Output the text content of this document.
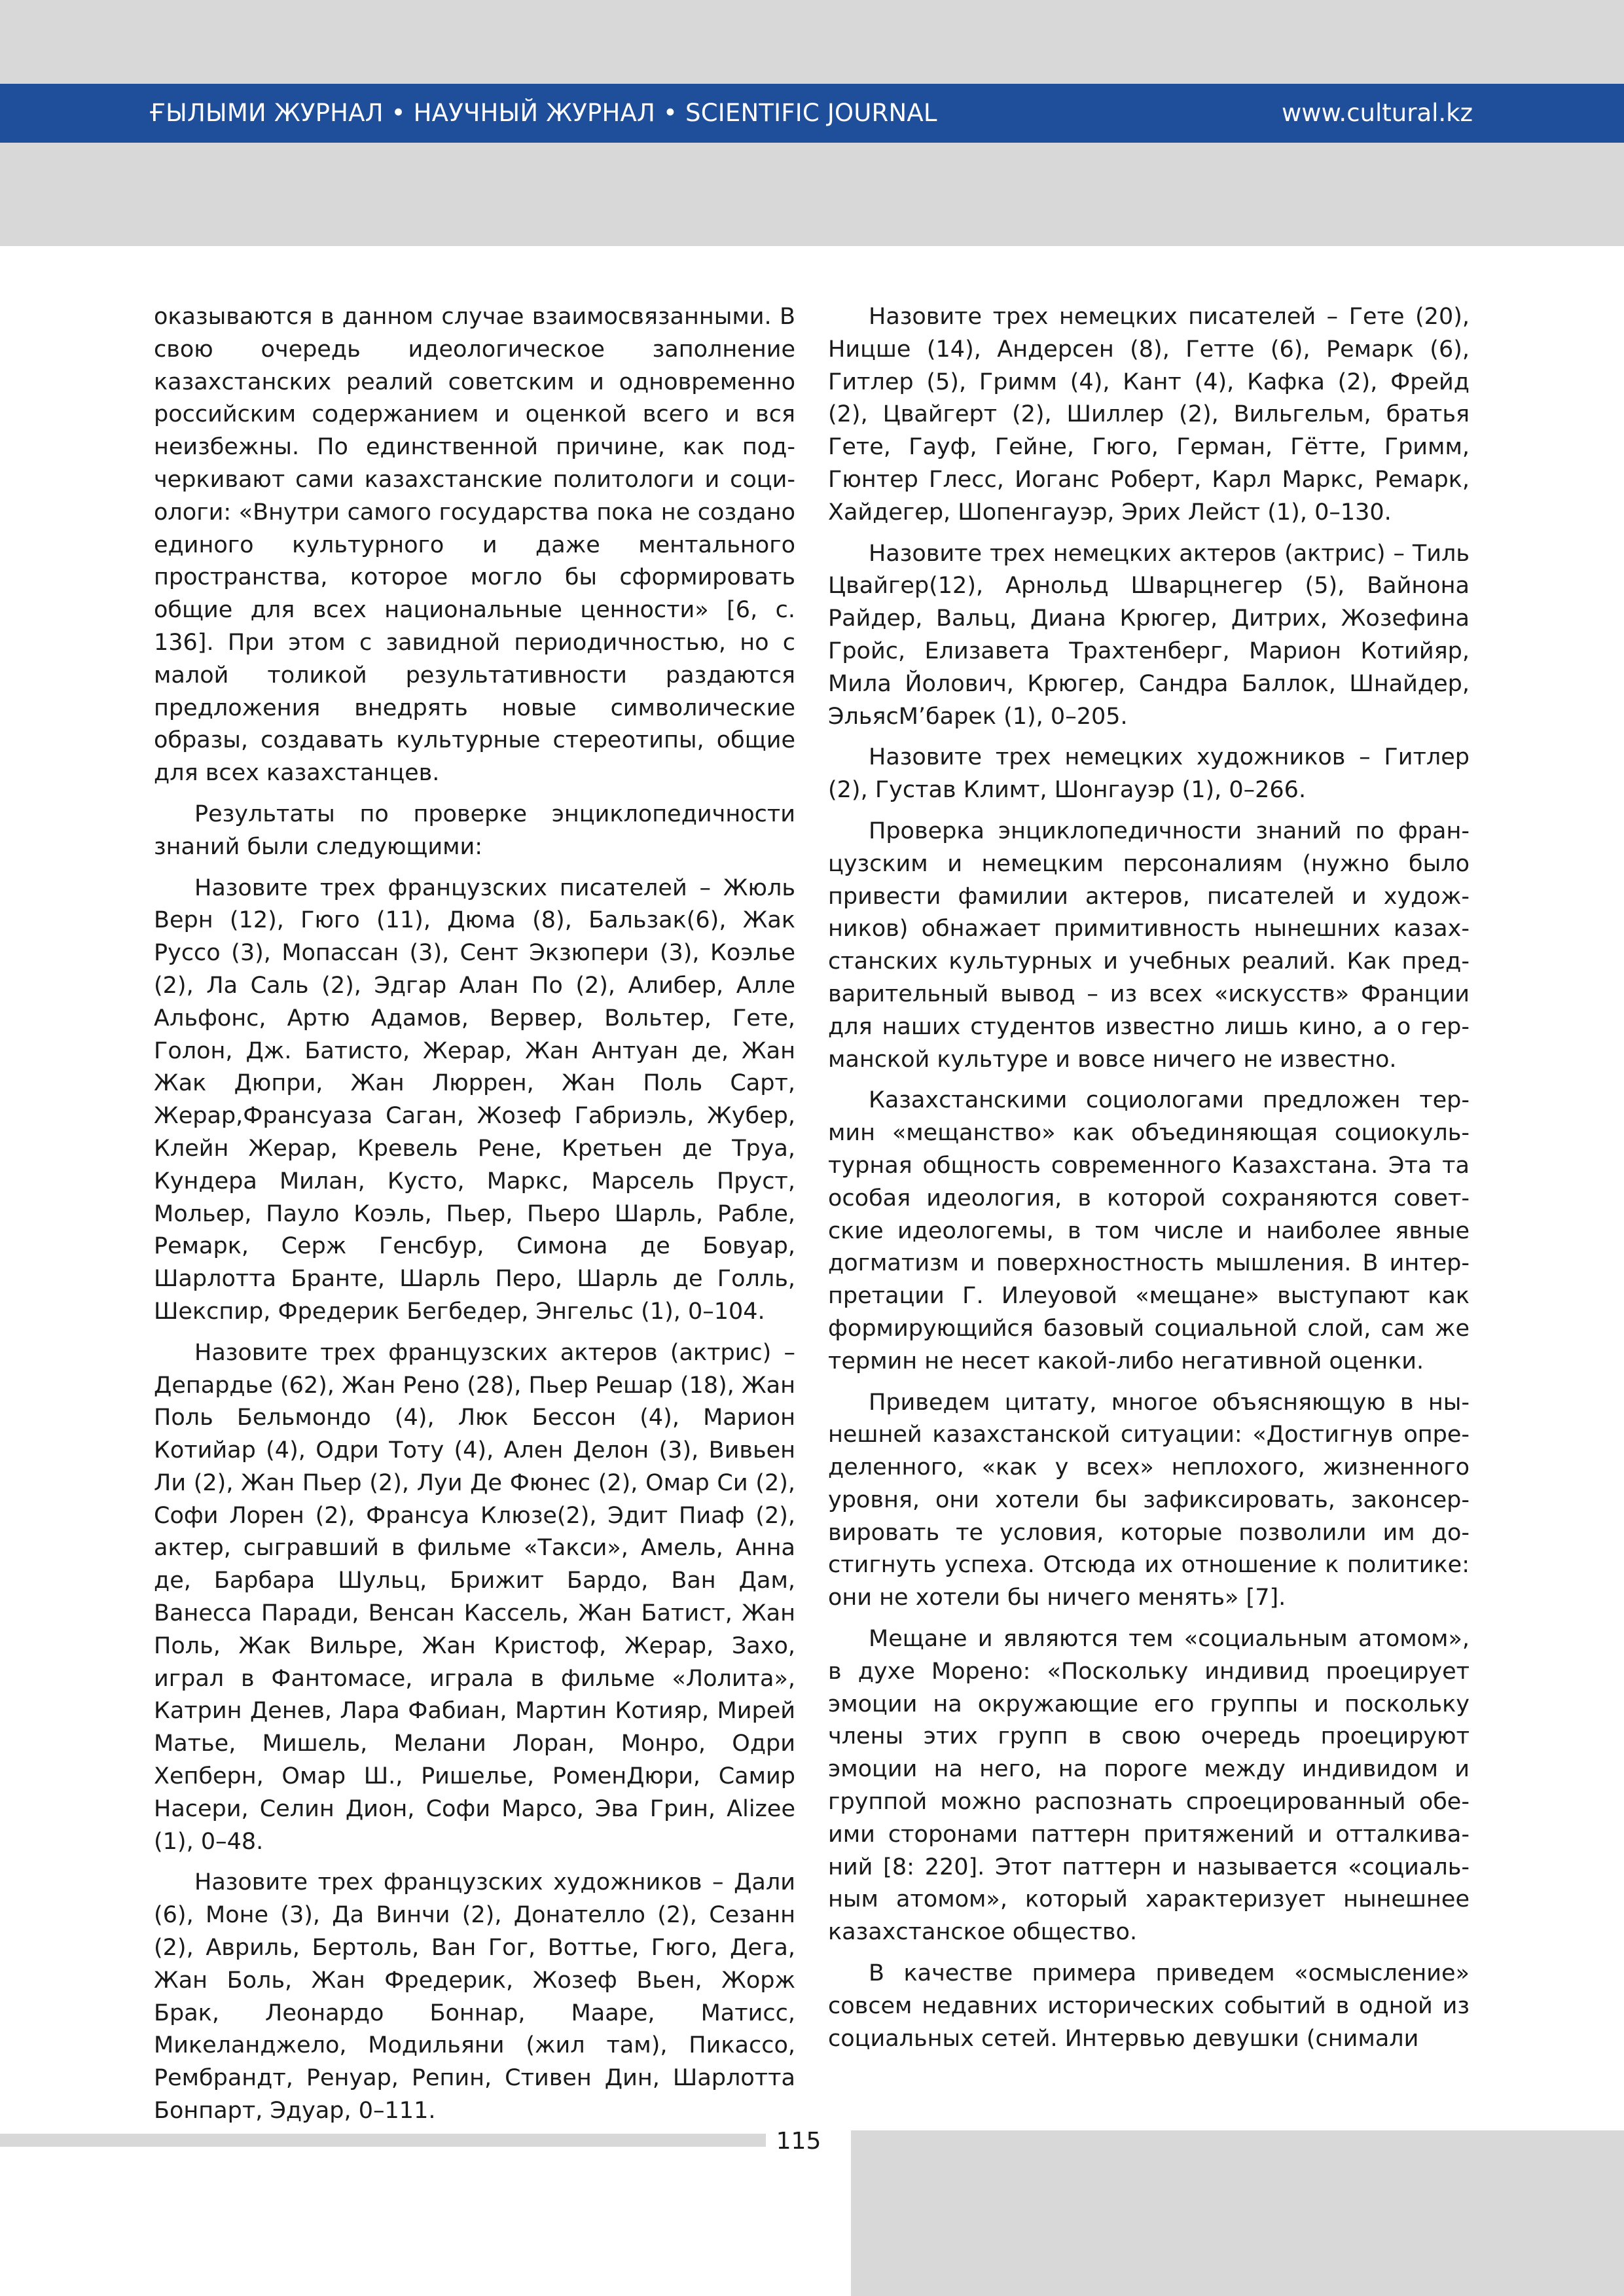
ҒЫЛЫМИ ЖУРНАЛ • НАУЧНЫЙ ЖУРНАЛ • SCIENTIFIC JOURNAL	www.cultural.kz

оказываются в данном случае взаимосвязанными. В свою очередь идеологическое заполнение казахстанских реалий советским и одновременно российским содержанием и оценкой всего и вся неизбежны. По единственной причине, как подчеркивают сами казахстанские политологи и социологи: «Внутри самого государства пока не создано единого культурного и даже ментального пространства, которое могло бы сформировать общие для всех национальные ценности» [6, с. 136]. При этом с завидной периодичностью, но с малой толикой результативности раздаются предложения внедрять новые символические образы, создавать культурные стереотипы, общие для всех казахстанцев.

Результаты по проверке энциклопедичности знаний были следующими:

Назовите трех французских писателей – Жюль Верн (12), Гюго (11), Дюма (8), Бальзак(6), Жак Руссо (3), Мопассан (3), Сент Экзюпери (3), Коэлье (2), Ла Саль (2), Эдгар Алан По (2), Алибер, Алле Альфонс, Артю Адамов, Вервер, Вольтер, Гете, Голон, Дж. Батисто, Жерар, Жан Антуан де, Жан Жак Дюпри, Жан Люррен, Жан Поль Сарт, Жерар,Франсуаза Саган, Жозеф Габриэль, Жубер, Клейн Жерар, Кревель Рене, Кретьен де Труа, Кундера Милан, Кусто, Маркс, Марсель Пруст, Мольер, Пауло Коэль, Пьер, Пьеро Шарль, Рабле, Ремарк, Серж Генсбур, Симона де Бовуар, Шарлотта Бранте, Шарль Перо, Шарль де Голль, Шекспир, Фредерик Бегбедер, Энгельс (1), 0–104.

Назовите трех французских актеров (актрис) – Депардье (62), Жан Рено (28), Пьер Решар (18), Жан Поль Бельмондо (4), Люк Бессон (4), Марион Котийар (4), Одри Тоту (4), Ален Делон (3), Вивьен Ли (2), Жан Пьер (2), Луи Де Фюнес (2), Омар Си (2), Софи Лорен (2), Франсуа Клюзе(2), Эдит Пиаф (2), актер, сыгравший в фильме «Такси», Амель, Анна де, Барбара Шульц, Брижит Бардо, Ван Дам, Ванесса Паради, Венсан Кассель, Жан Батист, Жан Поль, Жак Вильре, Жан Кристоф, Жерар, Захо, играл в Фантомасе, играла в фильме «Лолита», Катрин Денев, Лара Фабиан, Мартин Котияр, Мирей Матье, Мишель, Мелани Лоран, Монро, Одри Хепберн, Омар Ш., Ришелье, РоменДюри, Самир Насери, Селин Дион, Софи Марсо, Эва Грин, Alizee (1), 0–48.

Назовите трех французских художников – Дали (6), Моне (3), Да Винчи (2), Донателло (2), Сезанн (2), Авриль, Бертоль, Ван Гог, Воттье, Гюго, Дега, Жан Боль, Жан Фредерик, Жозеф Вьен, Жорж Брак, Леонардо Боннар, Мааре, Матисс, Микеланджело, Модильяни (жил там), Пикассо, Рембрандт, Ренуар, Репин, Стивен Дин, Шарлотта Бонпарт, Эдуар, 0–111.

Назовите трех немецких писателей – Гете (20), Ницше (14), Андерсен (8), Гетте (6), Ремарк (6), Гитлер (5), Гримм (4), Кант (4), Кафка (2), Фрейд (2), Цвайгерт (2), Шиллер (2), Вильгельм, братья Гете, Гауф, Гейне, Гюго, Герман, Гётте, Гримм, Гюнтер Глесс, Иоганс Роберт, Карл Маркс, Ремарк, Хайдегер, Шопенгауэр, Эрих Лейст (1), 0–130.

Назовите трех немецких актеров (актрис) – Тиль Цвайгер(12), Арнольд Шварцнегер (5), Вайнона Райдер, Вальц, Диана Крюгер, Дитрих, Жозефина Гройс, Елизавета Трахтенберг, Марион Котийяр, Мила Йолович, Крюгер, Сандра Баллок, Шнайдер, ЭльясМ’барек (1), 0–205.

Назовите трех немецких художников – Гитлер (2), Густав Климт, Шонгауэр (1), 0–266.

Проверка энциклопедичности знаний по французским и немецким персоналиям (нужно было привести фамилии актеров, писателей и художников) обнажает примитивность нынешних казахстанских культурных и учебных реалий. Как предварительный вывод – из всех «искусств» Франции для наших студентов известно лишь кино, а о германской культуре и вовсе ничего не известно.

Казахстанскими социологами предложен термин «мещанство» как объединяющая социокультурная общность современного Казахстана. Эта та особая идеология, в которой сохраняются советские идеологемы, в том числе и наиболее явные догматизм и поверхностность мышления. В интерпретации Г. Илеуовой «мещане» выступают как формирующийся базовый социальной слой, сам же термин не несет какой-либо негативной оценки.

Приведем цитату, многое объясняющую в нынешней казахстанской ситуации: «Достигнув определенного, «как у всех» неплохого, жизненного уровня, они хотели бы зафиксировать, законсервировать те условия, которые позволили им достигнуть успеха. Отсюда их отношение к политике: они не хотели бы ничего менять» [7].

Мещане и являются тем «социальным атомом», в духе Морено: «Поскольку индивид проецирует эмоции на окружающие его группы и поскольку члены этих групп в свою очередь проецируют эмоции на него, на пороге между индивидом и группой можно распознать спроецированный обеими сторонами паттерн притяжений и отталкиваний [8: 220]. Этот паттерн и называется «социальным атомом», который характеризует нынешнее казахстанское общество.

В качестве примера приведем «осмысление» совсем недавних исторических событий в одной из социальных сетей. Интервью девушки (снимали

115
